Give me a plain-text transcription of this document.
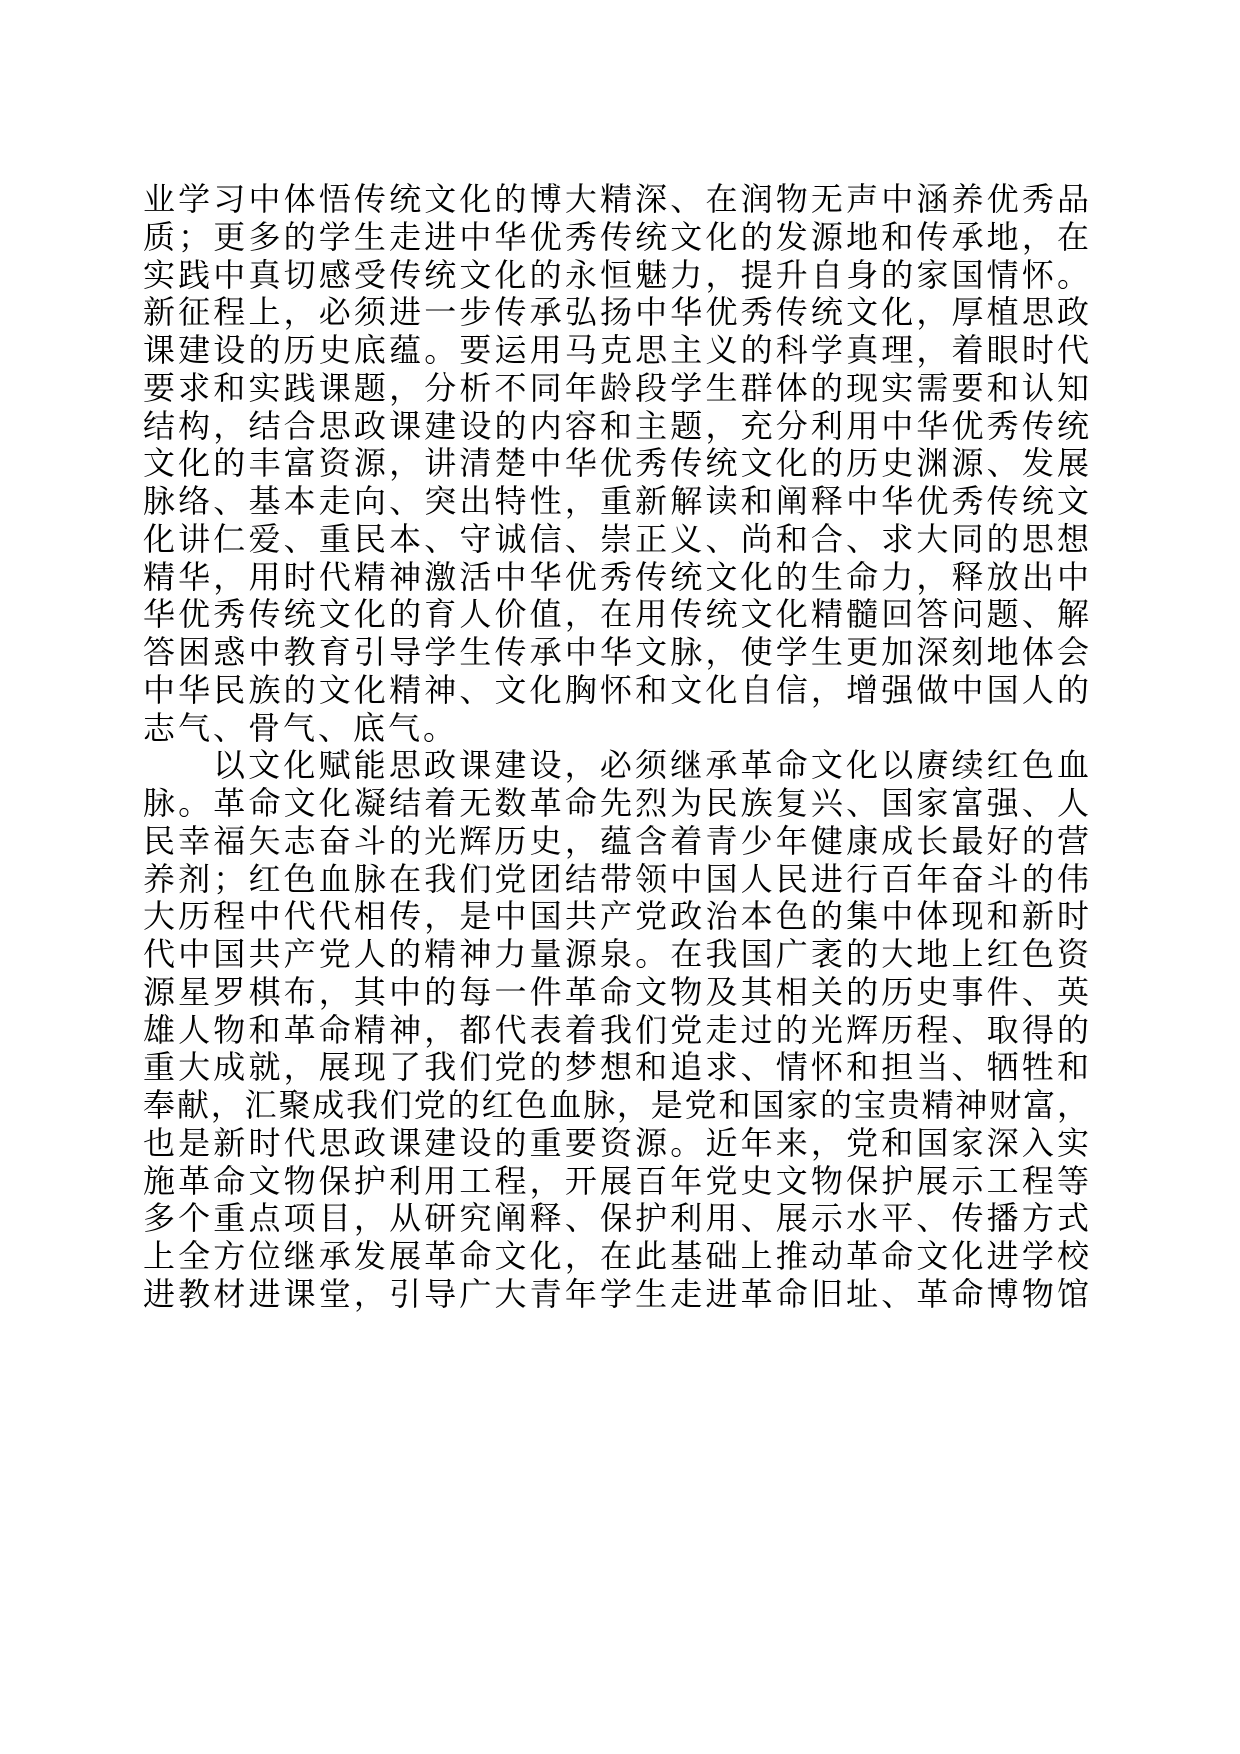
业学习中体悟传统文化的博大精深、在润物无声中涵养优秀品
质；更多的学生走进中华优秀传统文化的发源地和传承地，在
实践中真切感受传统文化的永恒魅力，提升自身的家国情怀。
新征程上，必须进一步传承弘扬中华优秀传统文化，厚植思政
课建设的历史底蕴。要运用马克思主义的科学真理，着眼时代
要求和实践课题，分析不同年龄段学生群体的现实需要和认知
结构，结合思政课建设的内容和主题，充分利用中华优秀传统
文化的丰富资源，讲清楚中华优秀传统文化的历史渊源、发展
脉络、基本走向、突出特性，重新解读和阐释中华优秀传统文
化讲仁爱、重民本、守诚信、崇正义、尚和合、求大同的思想
精华，用时代精神激活中华优秀传统文化的生命力，释放出中
华优秀传统文化的育人价值，在用传统文化精髓回答问题、解
答困惑中教育引导学生传承中华文脉，使学生更加深刻地体会
中华民族的文化精神、文化胸怀和文化自信，增强做中国人的
志气、骨气、底气。

以文化赋能思政课建设，必须继承革命文化以赓续红色血
脉。革命文化凝结着无数革命先烈为民族复兴、国家富强、人
民幸福矢志奋斗的光辉历史，蕴含着青少年健康成长最好的营
养剂；红色血脉在我们党团结带领中国人民进行百年奋斗的伟
大历程中代代相传，是中国共产党政治本色的集中体现和新时
代中国共产党人的精神力量源泉。在我国广袤的大地上红色资
源星罗棋布，其中的每一件革命文物及其相关的历史事件、英
雄人物和革命精神，都代表着我们党走过的光辉历程、取得的
重大成就，展现了我们党的梦想和追求、情怀和担当、牺牲和
奉献，汇聚成我们党的红色血脉，是党和国家的宝贵精神财富，
也是新时代思政课建设的重要资源。近年来，党和国家深入实
施革命文物保护利用工程，开展百年党史文物保护展示工程等
多个重点项目，从研究阐释、保护利用、展示水平、传播方式
上全方位继承发展革命文化，在此基础上推动革命文化进学校
进教材进课堂，引导广大青年学生走进革命旧址、革命博物馆
